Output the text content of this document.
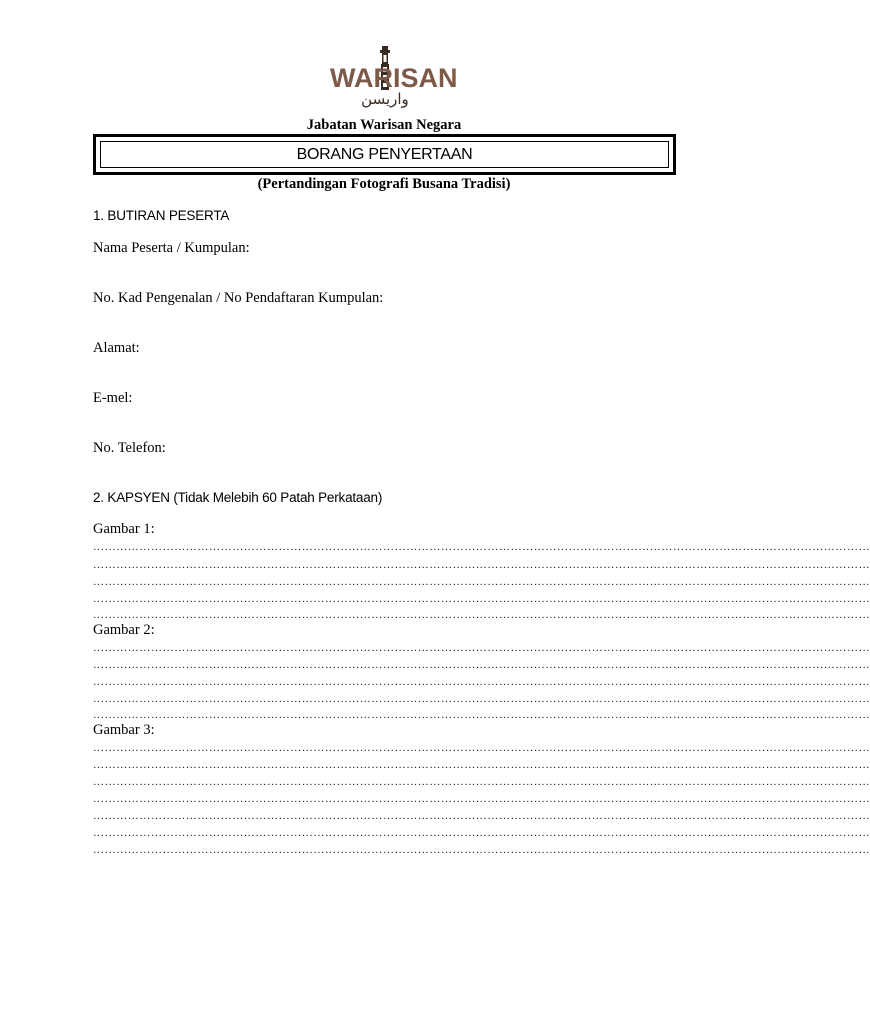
WARISAN
ﻭﺍﺭﻳﺴﻦ
Jabatan Warisan Negara
BORANG PENYERTAAN
(Pertandingan Fotografi Busana Tradisi)
1. BUTIRAN PESERTA
Nama Peserta / Kumpulan:
No. Kad Pengenalan / No Pendaftaran Kumpulan:
Alamat:
E-mel:
No. Telefon:
2. KAPSYEN (Tidak Melebih 60 Patah Perkataan)
Gambar 1:
…………………………………………………………………………………………………………………………………………………………………………………
…………………………………………………………………………………………………………………………………………………………………………………
…………………………………………………………………………………………………………………………………………………………………………………
…………………………………………………………………………………………………………………………………………………………………………………
…………………………………………………………………………………………………………………………………………………………………………………
Gambar 2:
…………………………………………………………………………………………………………………………………………………………………………………
…………………………………………………………………………………………………………………………………………………………………………………
…………………………………………………………………………………………………………………………………………………………………………………
…………………………………………………………………………………………………………………………………………………………………………………
…………………………………………………………………………………………………………………………………………………………………………………
Gambar 3:
…………………………………………………………………………………………………………………………………………………………………………………
…………………………………………………………………………………………………………………………………………………………………………………
…………………………………………………………………………………………………………………………………………………………………………………
…………………………………………………………………………………………………………………………………………………………………………………
…………………………………………………………………………………………………………………………………………………………………………………
…………………………………………………………………………………………………………………………………………………………………………………
…………………………………………………………………………………………………………………………………………………………………………………
